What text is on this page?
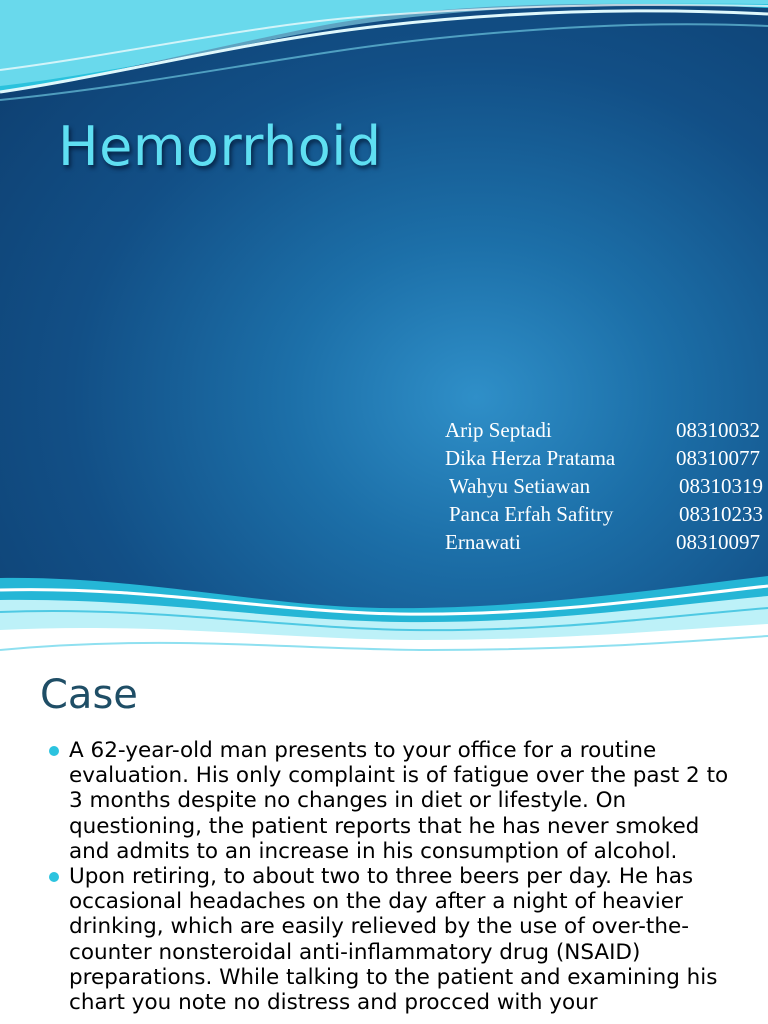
Hemorrhoid
Arip Septadi	08310032
Dika Herza Pratama	08310077
Wahyu Setiawan	08310319
Panca Erfah Safitry	08310233
Ernawati	08310097
Case
A 62-year-old man presents to your office for a routine evaluation. His only complaint is of fatigue over the past 2 to 3 months despite no changes in diet or lifestyle. On questioning, the patient reports that he has never smoked and admits to an increase in his consumption of alcohol.
Upon retiring, to about two to three beers per day. He has occasional headaches on the day after a night of heavier drinking, which are easily relieved by the use of over-the-counter nonsteroidal anti-inflammatory drug (NSAID) preparations. While talking to the patient and examining his chart you note no distress and procced with your
